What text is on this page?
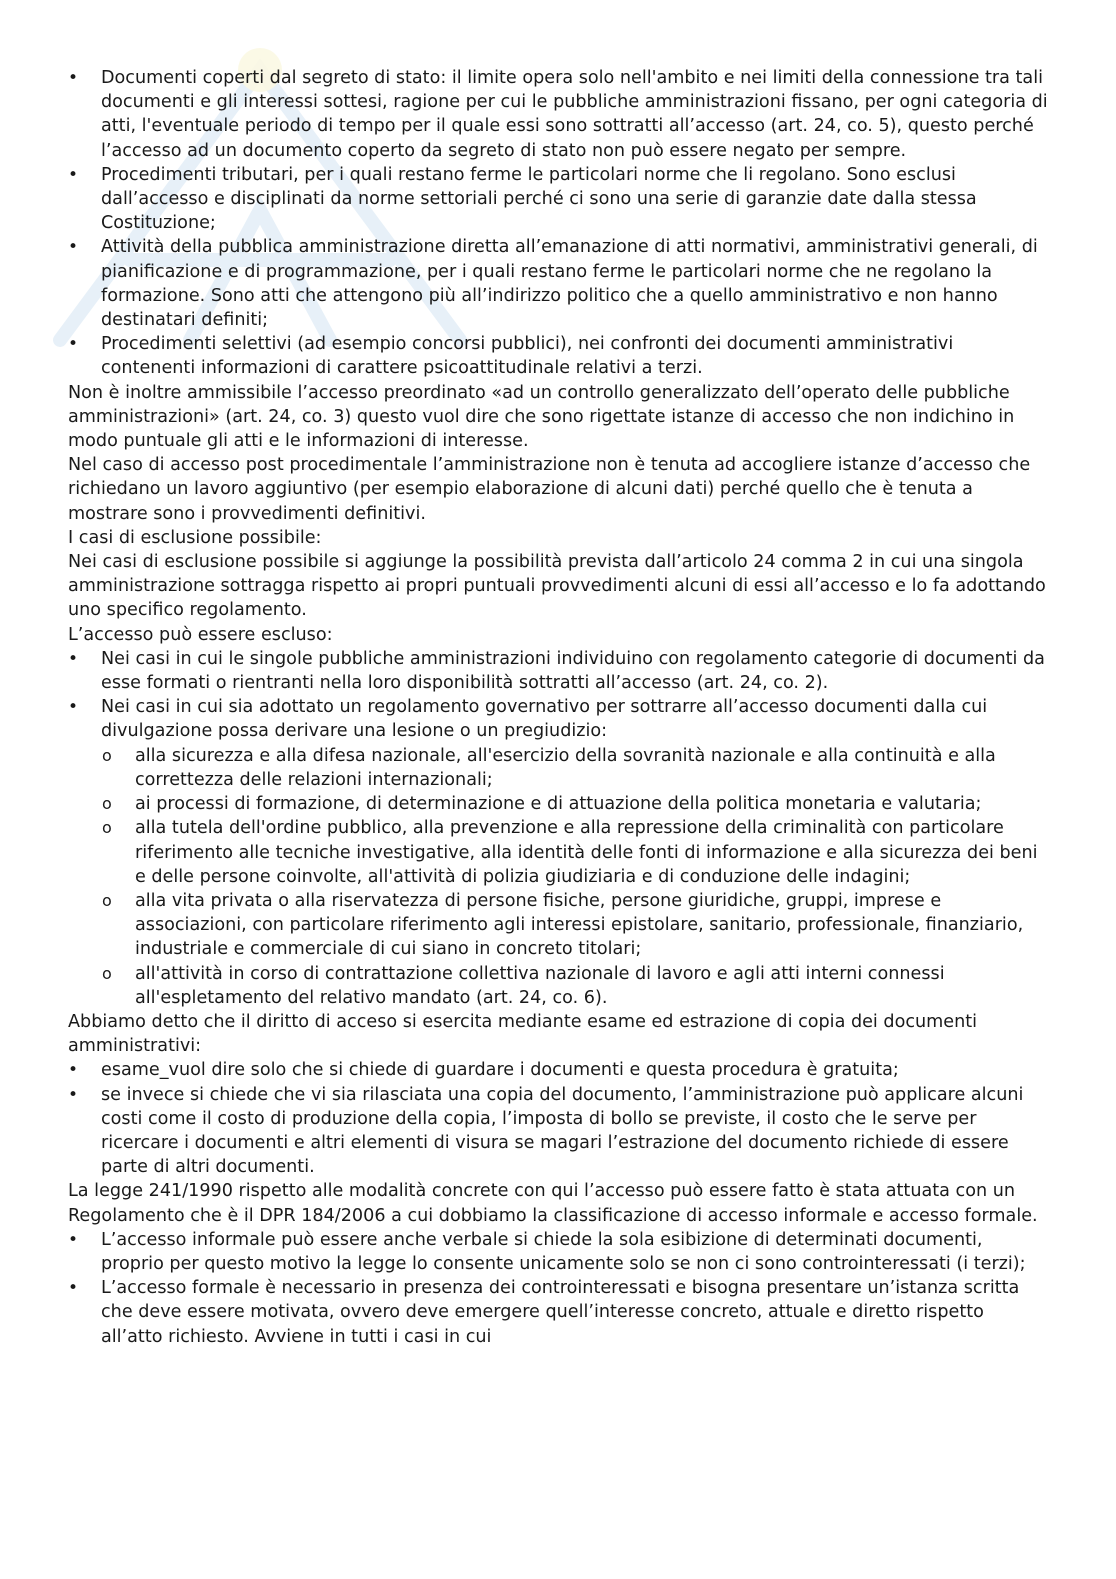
• Documenti coperti dal segreto di stato: il limite opera solo nell'ambito e nei limiti della connessione tra tali documenti e gli interessi sottesi, ragione per cui le pubbliche amministrazioni fissano, per ogni categoria di atti, l'eventuale periodo di tempo per il quale essi sono sottratti all’accesso (art. 24, co. 5), questo perché l’accesso ad un documento coperto da segreto di stato non può essere negato per sempre.

• Procedimenti tributari, per i quali restano ferme le particolari norme che li regolano. Sono esclusi dall’accesso e disciplinati da norme settoriali perché ci sono una serie di garanzie date dalla stessa Costituzione;

• Attività della pubblica amministrazione diretta all’emanazione di atti normativi, amministrativi generali, di pianificazione e di programmazione, per i quali restano ferme le particolari norme che ne regolano la formazione. Sono atti che attengono più all’indirizzo politico che a quello amministrativo e non hanno destinatari definiti;

• Procedimenti selettivi (ad esempio concorsi pubblici), nei confronti dei documenti amministrativi contenenti informazioni di carattere psicoattitudinale relativi a terzi.

Non è inoltre ammissibile l’accesso preordinato «ad un controllo generalizzato dell’operato delle pubbliche amministrazioni» (art. 24, co. 3) questo vuol dire che sono rigettate istanze di accesso che non indichino in modo puntuale gli atti e le informazioni di interesse.

Nel caso di accesso post procedimentale l’amministrazione non è tenuta ad accogliere istanze d’accesso che richiedano un lavoro aggiuntivo (per esempio elaborazione di alcuni dati) perché quello che è tenuta a mostrare sono i provvedimenti definitivi.

I casi di esclusione possibile:

Nei casi di esclusione possibile si aggiunge la possibilità prevista dall’articolo 24 comma 2 in cui una singola amministrazione sottragga rispetto ai propri puntuali provvedimenti alcuni di essi all’accesso e lo fa adottando uno specifico regolamento.

L’accesso può essere escluso:

• Nei casi in cui le singole pubbliche amministrazioni individuino con regolamento categorie di documenti da esse formati o rientranti nella loro disponibilità sottratti all’accesso (art. 24, co. 2).

• Nei casi in cui sia adottato un regolamento governativo per sottrarre all’accesso documenti dalla cui divulgazione possa derivare una lesione o un pregiudizio:

o alla sicurezza e alla difesa nazionale, all'esercizio della sovranità nazionale e alla continuità e alla correttezza delle relazioni internazionali;

o ai processi di formazione, di determinazione e di attuazione della politica monetaria e valutaria;

o alla tutela dell'ordine pubblico, alla prevenzione e alla repressione della criminalità con particolare riferimento alle tecniche investigative, alla identità delle fonti di informazione e alla sicurezza dei beni e delle persone coinvolte, all'attività di polizia giudiziaria e di conduzione delle indagini;

o alla vita privata o alla riservatezza di persone fisiche, persone giuridiche, gruppi, imprese e associazioni, con particolare riferimento agli interessi epistolare, sanitario, professionale, finanziario, industriale e commerciale di cui siano in concreto titolari;

o all'attività in corso di contrattazione collettiva nazionale di lavoro e agli atti interni connessi all'espletamento del relativo mandato (art. 24, co. 6).

Abbiamo detto che il diritto di acceso si esercita mediante esame ed estrazione di copia dei documenti amministrativi:

• esame_vuol dire solo che si chiede di guardare i documenti e questa procedura è gratuita;

• se invece si chiede che vi sia rilasciata una copia del documento, l’amministrazione può applicare alcuni costi come il costo di produzione della copia, l’imposta di bollo se previste, il costo che le serve per ricercare i documenti e altri elementi di visura se magari l’estrazione del documento richiede di essere parte di altri documenti.

La legge 241/1990 rispetto alle modalità concrete con qui l’accesso può essere fatto è stata attuata con un Regolamento che è il DPR 184/2006 a cui dobbiamo la classificazione di accesso informale e accesso formale.

• L’accesso informale può essere anche verbale si chiede la sola esibizione di determinati documenti, proprio per questo motivo la legge lo consente unicamente solo se non ci sono controinteressati (i terzi);

• L’accesso formale è necessario in presenza dei controinteressati e bisogna presentare un’istanza scritta che deve essere motivata, ovvero deve emergere quell’interesse concreto, attuale e diretto rispetto all’atto richiesto. Avviene in tutti i casi in cui
